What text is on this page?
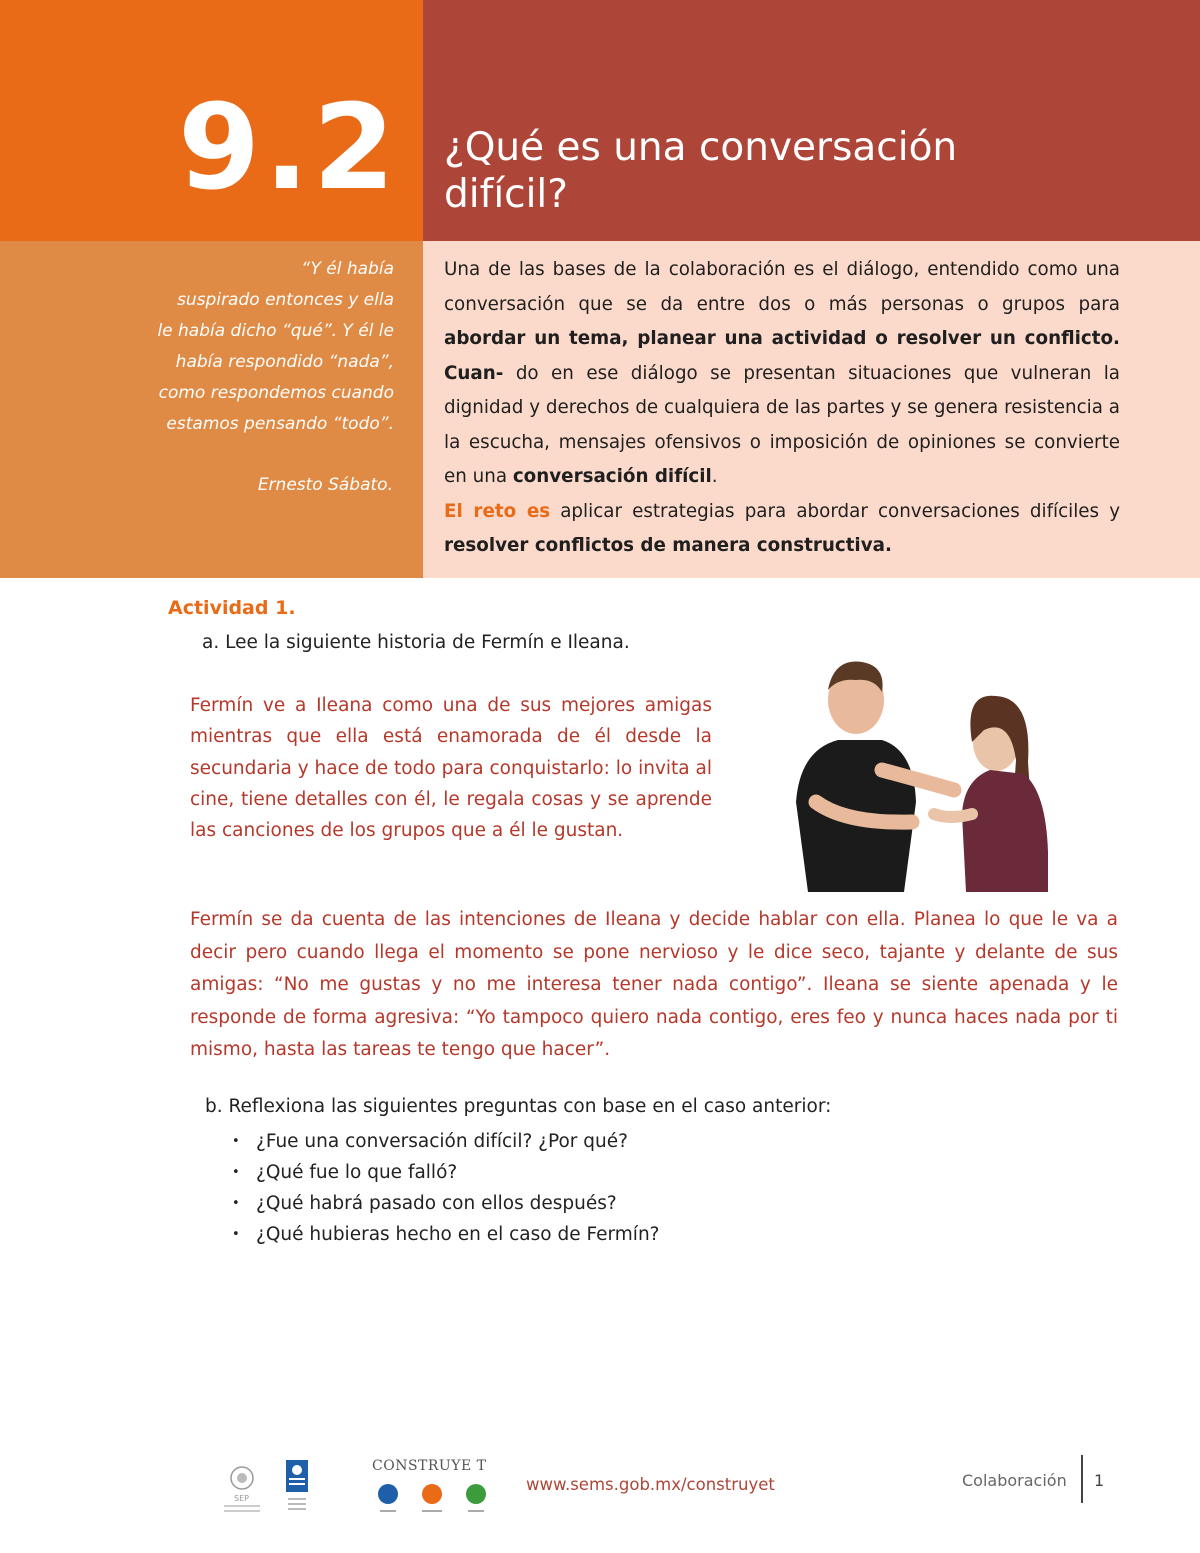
9.2 ¿Qué es una conversación
difícil?
“Y él había
suspirado entonces y ella
le había dicho “qué”. Y él le
había respondido “nada”,
como respondemos cuando
estamos pensando “todo”.
Ernesto Sábato.
Una de las bases de la colaboración es el diálogo, entendido como una conversación que se da entre dos o más personas o grupos para abordar un tema, planear una actividad o resolver un conflicto. Cuan- do en ese diálogo se presentan situaciones que vulneran la dignidad y derechos de cualquiera de las partes y se genera resistencia a la escucha, mensajes ofensivos o imposición de opiniones se convierte en una conversación difícil.
El reto es aplicar estrategias para abordar conversaciones difíciles y resolver conflictos de manera constructiva.
Actividad 1.
a. Lee la siguiente historia de Fermín e Ileana.
Fermín ve a Ileana como una de sus mejores amigas mientras que ella está enamorada de él desde la secundaria y hace de todo para conquistarlo: lo invita al cine, tiene detalles con él, le regala cosas y se aprende las canciones de los grupos que a él le gustan.
Fermín se da cuenta de las intenciones de Ileana y decide hablar con ella. Planea lo que le va a decir pero cuando llega el momento se pone nervioso y le dice seco, tajante y delante de sus amigas: “No me gustas y no me interesa tener nada contigo”. Ileana se siente apenada y le responde de forma agresiva: “Yo tampoco quiero nada contigo, eres feo y nunca haces nada por ti mismo, hasta las tareas te tengo que hacer”.
b. Reflexiona las siguientes preguntas con base en el caso anterior:
• ¿Fue una conversación difícil? ¿Por qué?
• ¿Qué fue lo que falló?
• ¿Qué habrá pasado con ellos después?
• ¿Qué hubieras hecho en el caso de Fermín?
SEP
CONSTRUYE T
www.sems.gob.mx/construyet	Colaboración 1
